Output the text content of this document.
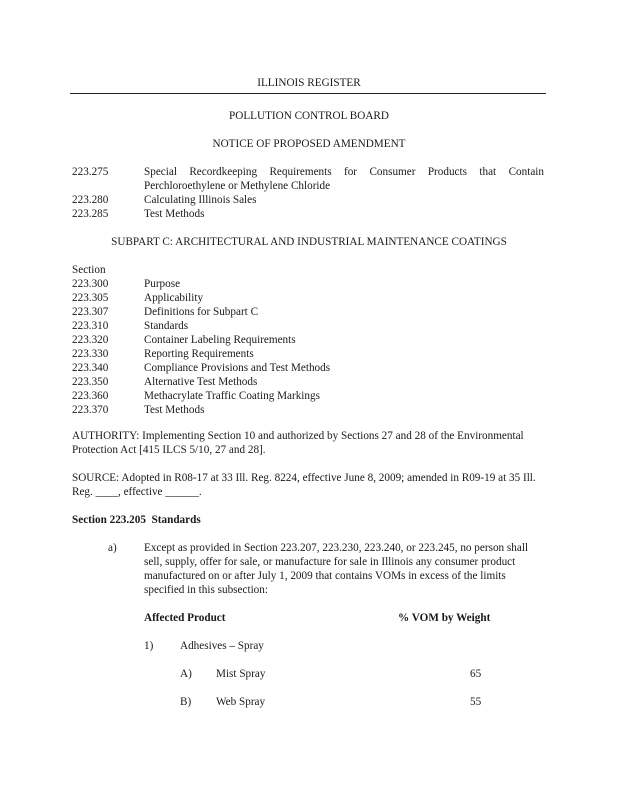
ILLINOIS REGISTER
POLLUTION CONTROL BOARD
NOTICE OF PROPOSED AMENDMENT
223.275	Special Recordkeeping Requirements for Consumer Products that Contain
Perchloroethylene or Methylene Chloride
223.280	Calculating Illinois Sales
223.285	Test Methods
SUBPART C: ARCHITECTURAL AND INDUSTRIAL MAINTENANCE COATINGS
Section
223.300	Purpose
223.305	Applicability
223.307	Definitions for Subpart C
223.310	Standards
223.320	Container Labeling Requirements
223.330	Reporting Requirements
223.340	Compliance Provisions and Test Methods
223.350	Alternative Test Methods
223.360	Methacrylate Traffic Coating Markings
223.370	Test Methods
AUTHORITY: Implementing Section 10 and authorized by Sections 27 and 28 of the Environmental Protection Act [415 ILCS 5/10, 27 and 28].
SOURCE: Adopted in R08-17 at 33 Ill. Reg. 8224, effective June 8, 2009; amended in R09-19 at 35 Ill. Reg. ____, effective ______.
Section 223.205  Standards
a) Except as provided in Section 223.207, 223.230, 223.240, or 223.245, no person shall sell, supply, offer for sale, or manufacture for sale in Illinois any consumer product manufactured on or after July 1, 2009 that contains VOMs in excess of the limits specified in this subsection:
Affected Product	% VOM by Weight
1) Adhesives – Spray
A) Mist Spray	65
B) Web Spray	55
